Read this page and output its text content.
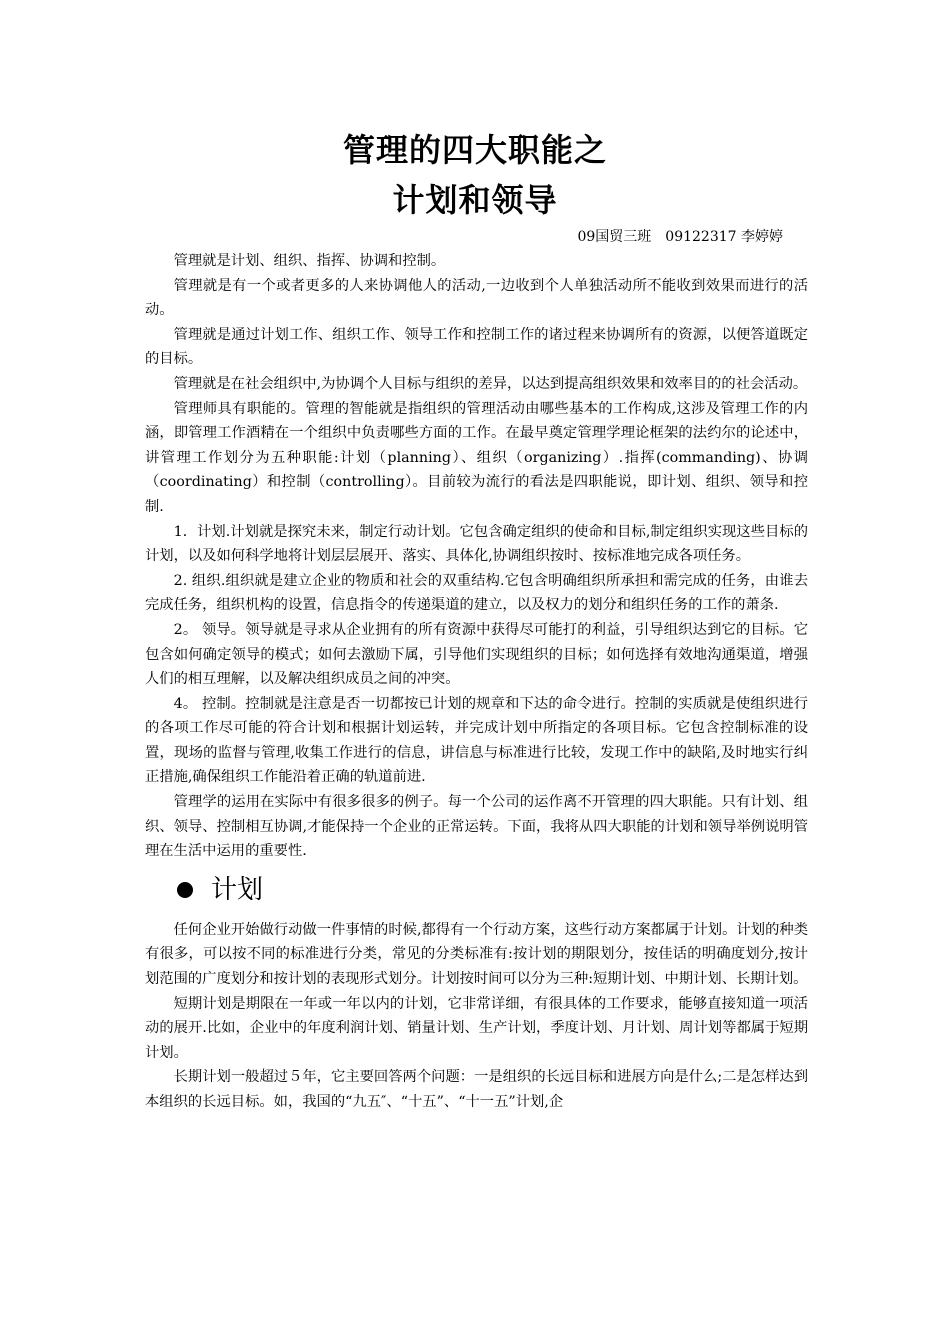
管理的四大职能之
计划和领导
09国贸三班　09122317 李婷婷

管理就是计划、组织、指挥、协调和控制。

管理就是有一个或者更多的人来协调他人的活动,一边收到个人单独活动所不能收到效果而进行的活动。

管理就是通过计划工作、组织工作、领导工作和控制工作的诸过程来协调所有的资源，以便答道既定的目标。

管理就是在社会组织中,为协调个人目标与组织的差异，以达到提高组织效果和效率目的的社会活动。

管理师具有职能的。管理的智能就是指组织的管理活动由哪些基本的工作构成,这涉及管理工作的内涵，即管理工作酒精在一个组织中负责哪些方面的工作。在最早奠定管理学理论框架的法约尔的论述中，讲管理工作划分为五种职能:计划（planning）、组织（organizing）.指挥(commanding)、协调（coordinating）和控制（controlling）。目前较为流行的看法是四职能说，即计划、组织、领导和控制.

1．计划.计划就是探究未来，制定行动计划。它包含确定组织的使命和目标,制定组织实现这些目标的计划，以及如何科学地将计划层层展开、落实、具体化,协调组织按时、按标准地完成各项任务。

2. 组织.组织就是建立企业的物质和社会的双重结构.它包含明确组织所承担和需完成的任务，由谁去完成任务，组织机构的设置，信息指令的传递渠道的建立，以及权力的划分和组织任务的工作的萧条.

2。 领导。领导就是寻求从企业拥有的所有资源中获得尽可能打的利益，引导组织达到它的目标。它包含如何确定领导的模式；如何去激励下属，引导他们实现组织的目标；如何选择有效地沟通渠道，增强人们的相互理解，以及解决组织成员之间的冲突。

4。 控制。控制就是注意是否一切都按已计划的规章和下达的命令进行。控制的实质就是使组织进行的各项工作尽可能的符合计划和根据计划运转，并完成计划中所指定的各项目标。它包含控制标准的设置，现场的监督与管理,收集工作进行的信息，讲信息与标准进行比较，发现工作中的缺陷,及时地实行纠正措施,确保组织工作能沿着正确的轨道前进.

管理学的运用在实际中有很多很多的例子。每一个公司的运作离不开管理的四大职能。只有计划、组织、领导、控制相互协调,才能保持一个企业的正常运转。下面，我将从四大职能的计划和领导举例说明管理在生活中运用的重要性.

计划

任何企业开始做行动做一件事情的时候,都得有一个行动方案，这些行动方案都属于计划。计划的种类有很多，可以按不同的标准进行分类，常见的分类标准有:按计划的期限划分，按佳话的明确度划分,按计划范围的广度划分和按计划的表现形式划分。计划按时间可以分为三种:短期计划、中期计划、长期计划。

短期计划是期限在一年或一年以内的计划，它非常详细，有很具体的工作要求，能够直接知道一项活动的展开.比如，企业中的年度利润计划、销量计划、生产计划，季度计划、月计划、周计划等都属于短期计划。

长期计划一般超过５年，它主要回答两个问题：一是组织的长远目标和进展方向是什么;二是怎样达到本组织的长远目标。如，我国的“九五″、“十五”、“十一五”计划,企
